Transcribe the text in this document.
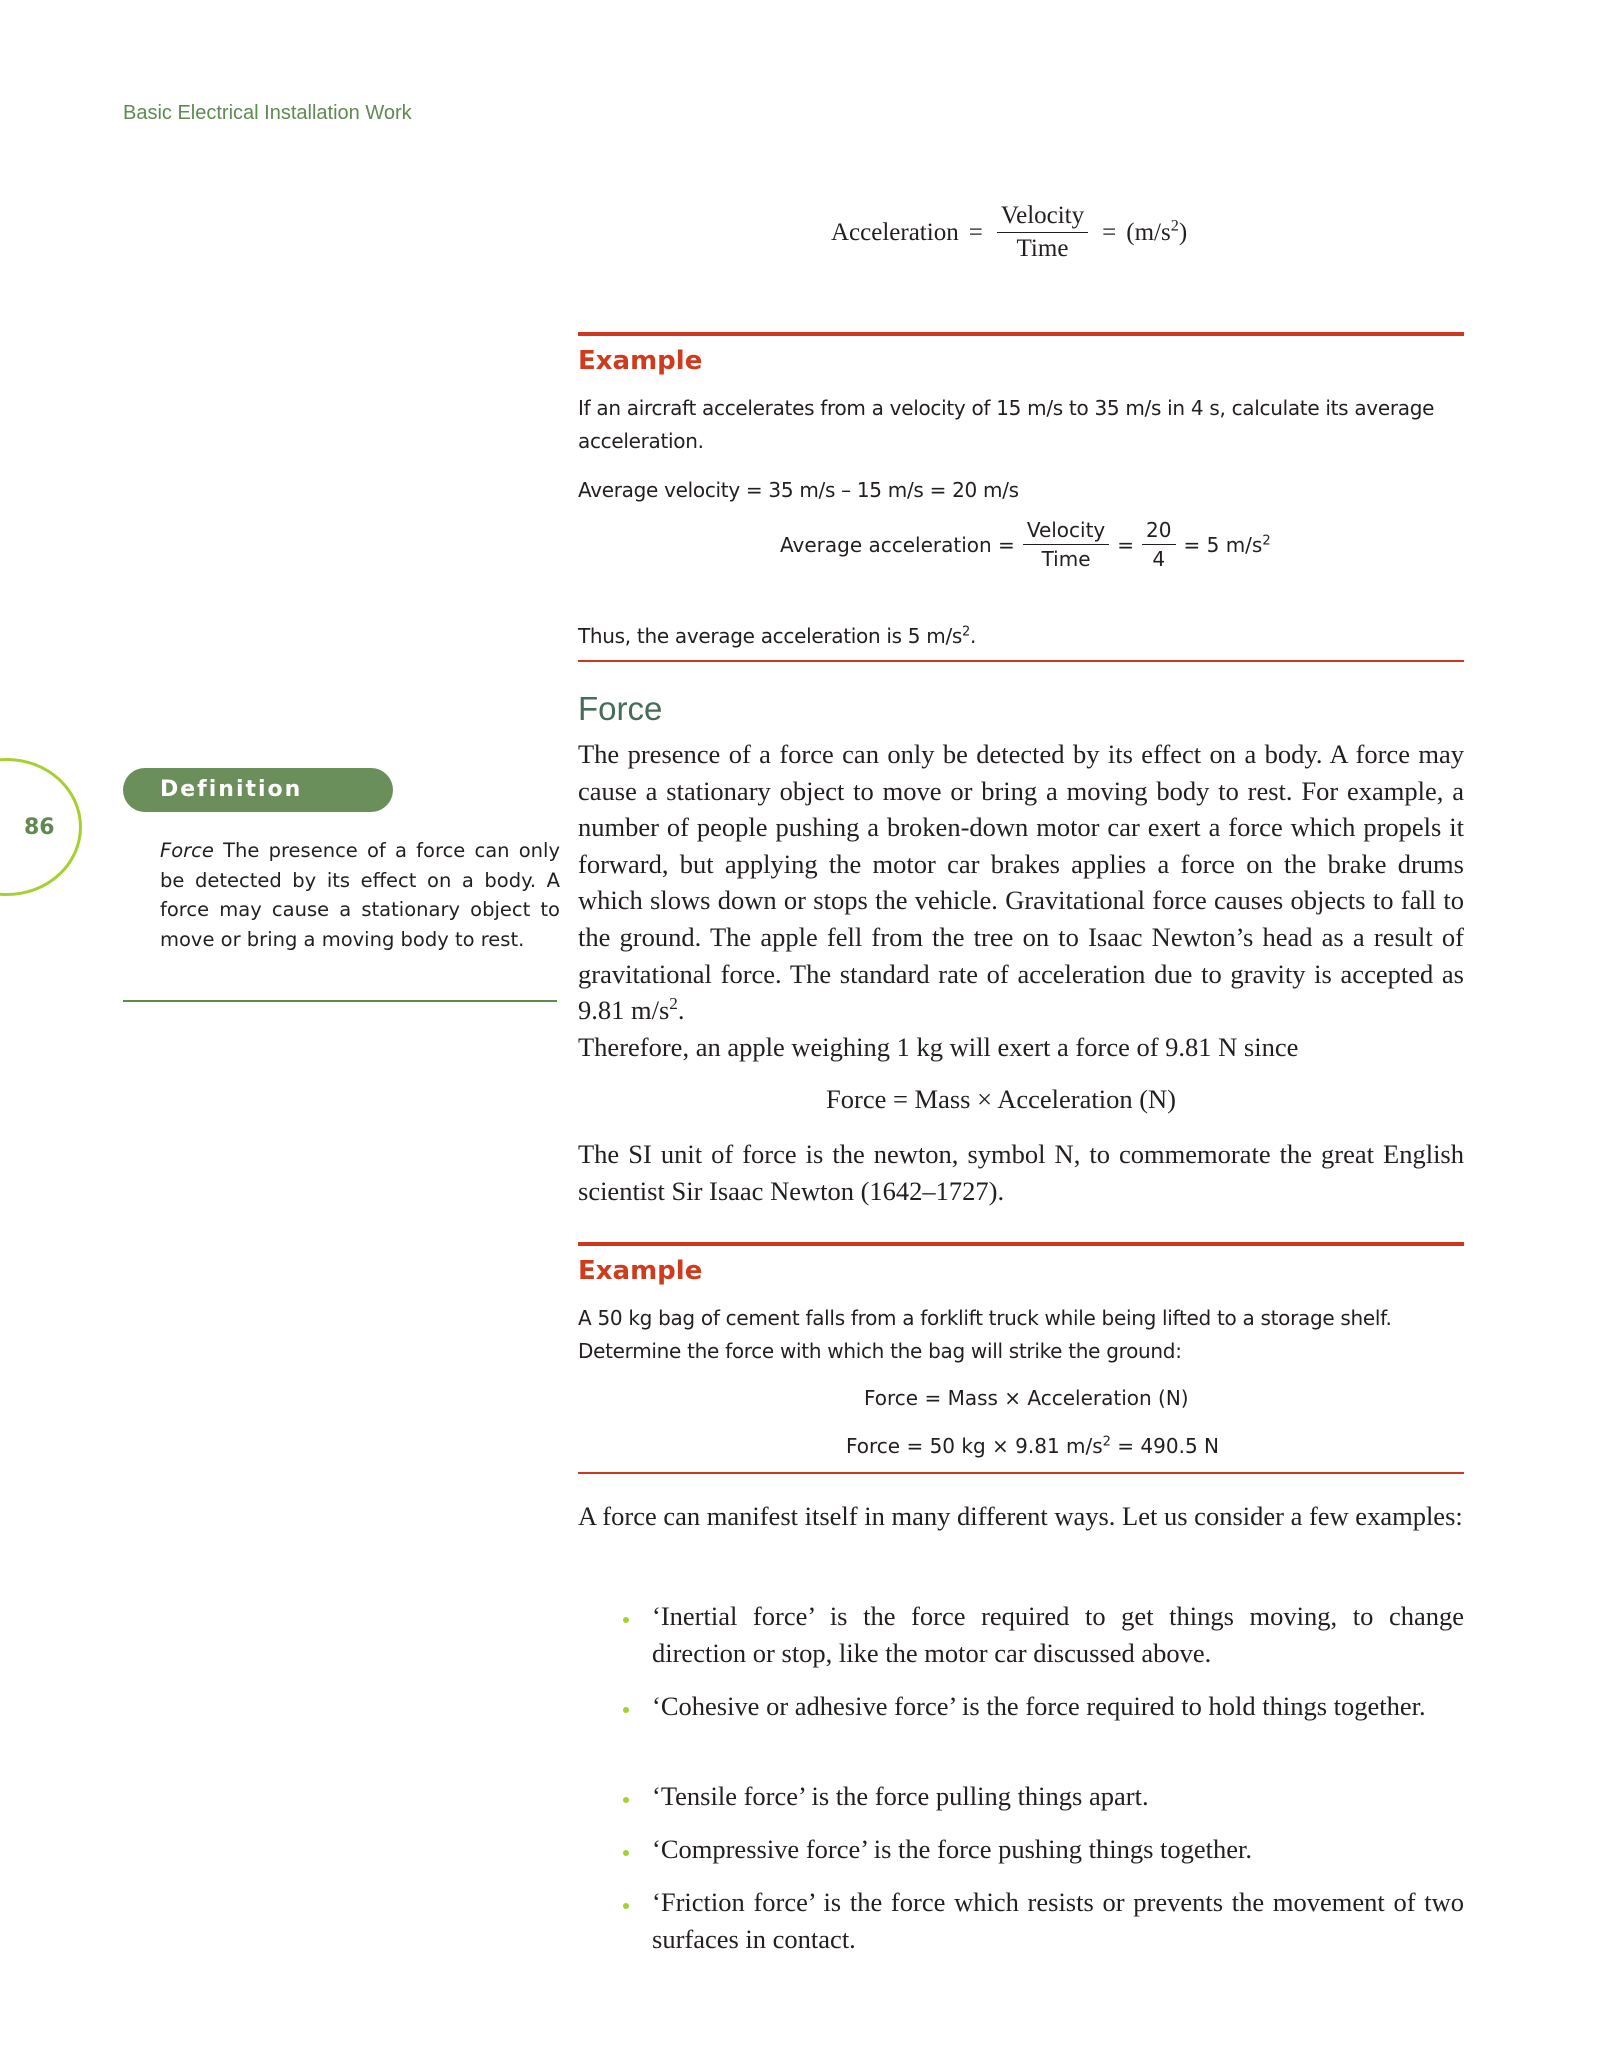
Basic Electrical Installation Work
86
Definition
Force The presence of a force can only be detected by its effect on a body. A force may cause a stationary object to move or bring a moving body to rest.
Acceleration = $\frac{\text{Velocity}}{\text{Time}} = (m/s^2)$
Example
If an aircraft accelerates from a velocity of 15 m/s to 35 m/s in 4 s, calculate its average acceleration.
Average velocity = 35 m/s – 15 m/s = 20 m/s
Average acceleration = $\frac{\text{Velocity}}{\text{Time}} = \frac{20}{4} = 5$ $m/s^2$
Thus, the average acceleration is 5 $m/s^2$.
Force
The presence of a force can only be detected by its effect on a body. A force may cause a stationary object to move or bring a moving body to rest. For example, a number of people pushing a broken-down motor car exert a force which propels it forward, but applying the motor car brakes applies a force on the brake drums which slows down or stops the vehicle. Gravitational force causes objects to fall to the ground. The apple fell from the tree on to Isaac Newton’s head as a result of gravitational force. The standard rate of acceleration due to gravity is accepted as 9.81 $m/s^2$.
Therefore, an apple weighing 1 kg will exert a force of 9.81 N since
Force = Mass × Acceleration (N)
The SI unit of force is the newton, symbol N, to commemorate the great English scientist Sir Isaac Newton (1642–1727).
Example
A 50 kg bag of cement falls from a forklift truck while being lifted to a storage shelf. Determine the force with which the bag will strike the ground:
Force = Mass × Acceleration (N)
Force = 50 kg × 9.81 $m/s^2 = 490.5$ N
A force can manifest itself in many different ways. Let us consider a few examples:
‘Inertial force’ is the force required to get things moving, to change direction or stop, like the motor car discussed above.
‘Cohesive or adhesive force’ is the force required to hold things together.
‘Tensile force’ is the force pulling things apart.
‘Compressive force’ is the force pushing things together.
‘Friction force’ is the force which resists or prevents the movement of two surfaces in contact.
